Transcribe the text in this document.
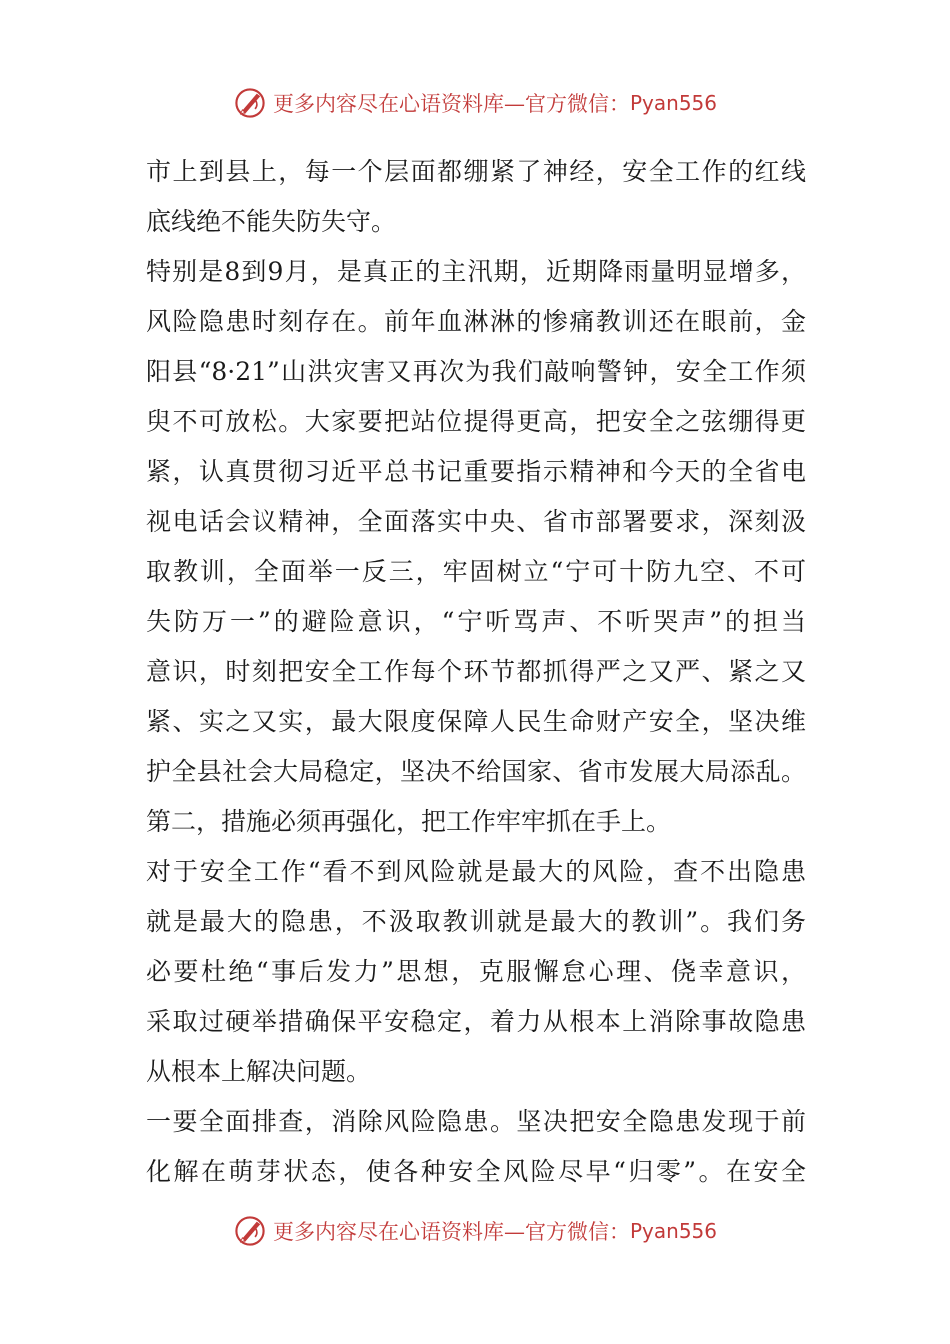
更多内容尽在心语资料库—官方微信： Pyan556
市上到县上，每一个层面都绷紧了神经，安全工作的红线
底线绝不能失防失守。
特别是8到9月，是真正的主汛期，近期降雨量明显增多，
风险隐患时刻存在。前年血淋淋的惨痛教训还在眼前，金
阳县“8·21”山洪灾害又再次为我们敲响警钟，安全工作须
臾不可放松。大家要把站位提得更高，把安全之弦绷得更
紧，认真贯彻习近平总书记重要指示精神和今天的全省电
视电话会议精神，全面落实中央、省市部署要求，深刻汲
取教训，全面举一反三，牢固树立“宁可十防九空、不可
失防万一”的避险意识，“宁听骂声、不听哭声”的担当
意识，时刻把安全工作每个环节都抓得严之又严、紧之又
紧、实之又实，最大限度保障人民生命财产安全，坚决维
护全县社会大局稳定，坚决不给国家、省市发展大局添乱。
第二，措施必须再强化，把工作牢牢抓在手上。
对于安全工作“看不到风险就是最大的风险，查不出隐患
就是最大的隐患，不汲取教训就是最大的教训”。我们务
必要杜绝“事后发力”思想，克服懈怠心理、侥幸意识，
采取过硬举措确保平安稳定，着力从根本上消除事故隐患
从根本上解决问题。
一要全面排查，消除风险隐患。坚决把安全隐患发现于前
化解在萌芽状态，使各种安全风险尽早“归零”。在安全
更多内容尽在心语资料库—官方微信： Pyan556
